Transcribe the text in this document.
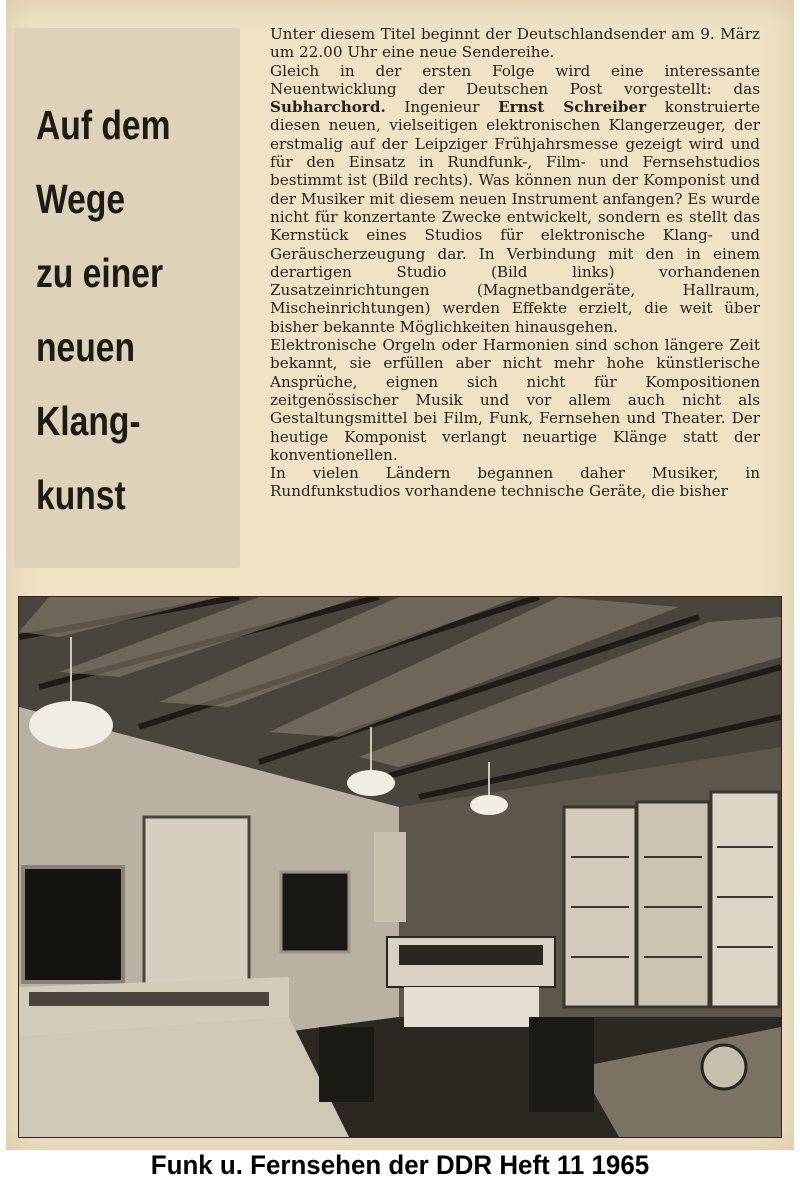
Auf dem
Wege
zu einer
neuen
Klang-
kunst

Unter diesem Titel beginnt der Deutschlandsender am 9. März um 22.00 Uhr eine neue Sendereihe.

Gleich in der ersten Folge wird eine interessante Neuentwicklung der Deutschen Post vorgestellt: das Subharchord. Ingenieur Ernst Schreiber konstruierte diesen neuen, vielseitigen elektronischen Klangerzeuger, der erstmalig auf der Leipziger Frühjahrsmesse gezeigt wird und für den Einsatz in Rundfunk-, Film- und Fernsehstudios bestimmt ist (Bild rechts). Was können nun der Komponist und der Musiker mit diesem neuen Instrument anfangen? Es wurde nicht für konzertante Zwecke entwickelt, sondern es stellt das Kernstück eines Studios für elektronische Klang- und Geräuscherzeugung dar. In Verbindung mit den in einem derartigen Studio (Bild links) vorhandenen Zusatzeinrichtungen (Magnetbandgeräte, Hallraum, Mischeinrichtungen) werden Effekte erzielt, die weit über bisher bekannte Möglichkeiten hinausgehen.

Elektronische Orgeln oder Harmonien sind schon längere Zeit bekannt, sie erfüllen aber nicht mehr hohe künstlerische Ansprüche, eignen sich nicht für Kompositionen zeitgenössischer Musik und vor allem auch nicht als Gestaltungsmittel bei Film, Funk, Fernsehen und Theater. Der heutige Komponist verlangt neuartige Klänge statt der konventionellen.

In vielen Ländern begannen daher Musiker, in Rundfunkstudios vorhandene technische Geräte, die bisher

Funk u. Fernsehen der DDR Heft 11 1965
